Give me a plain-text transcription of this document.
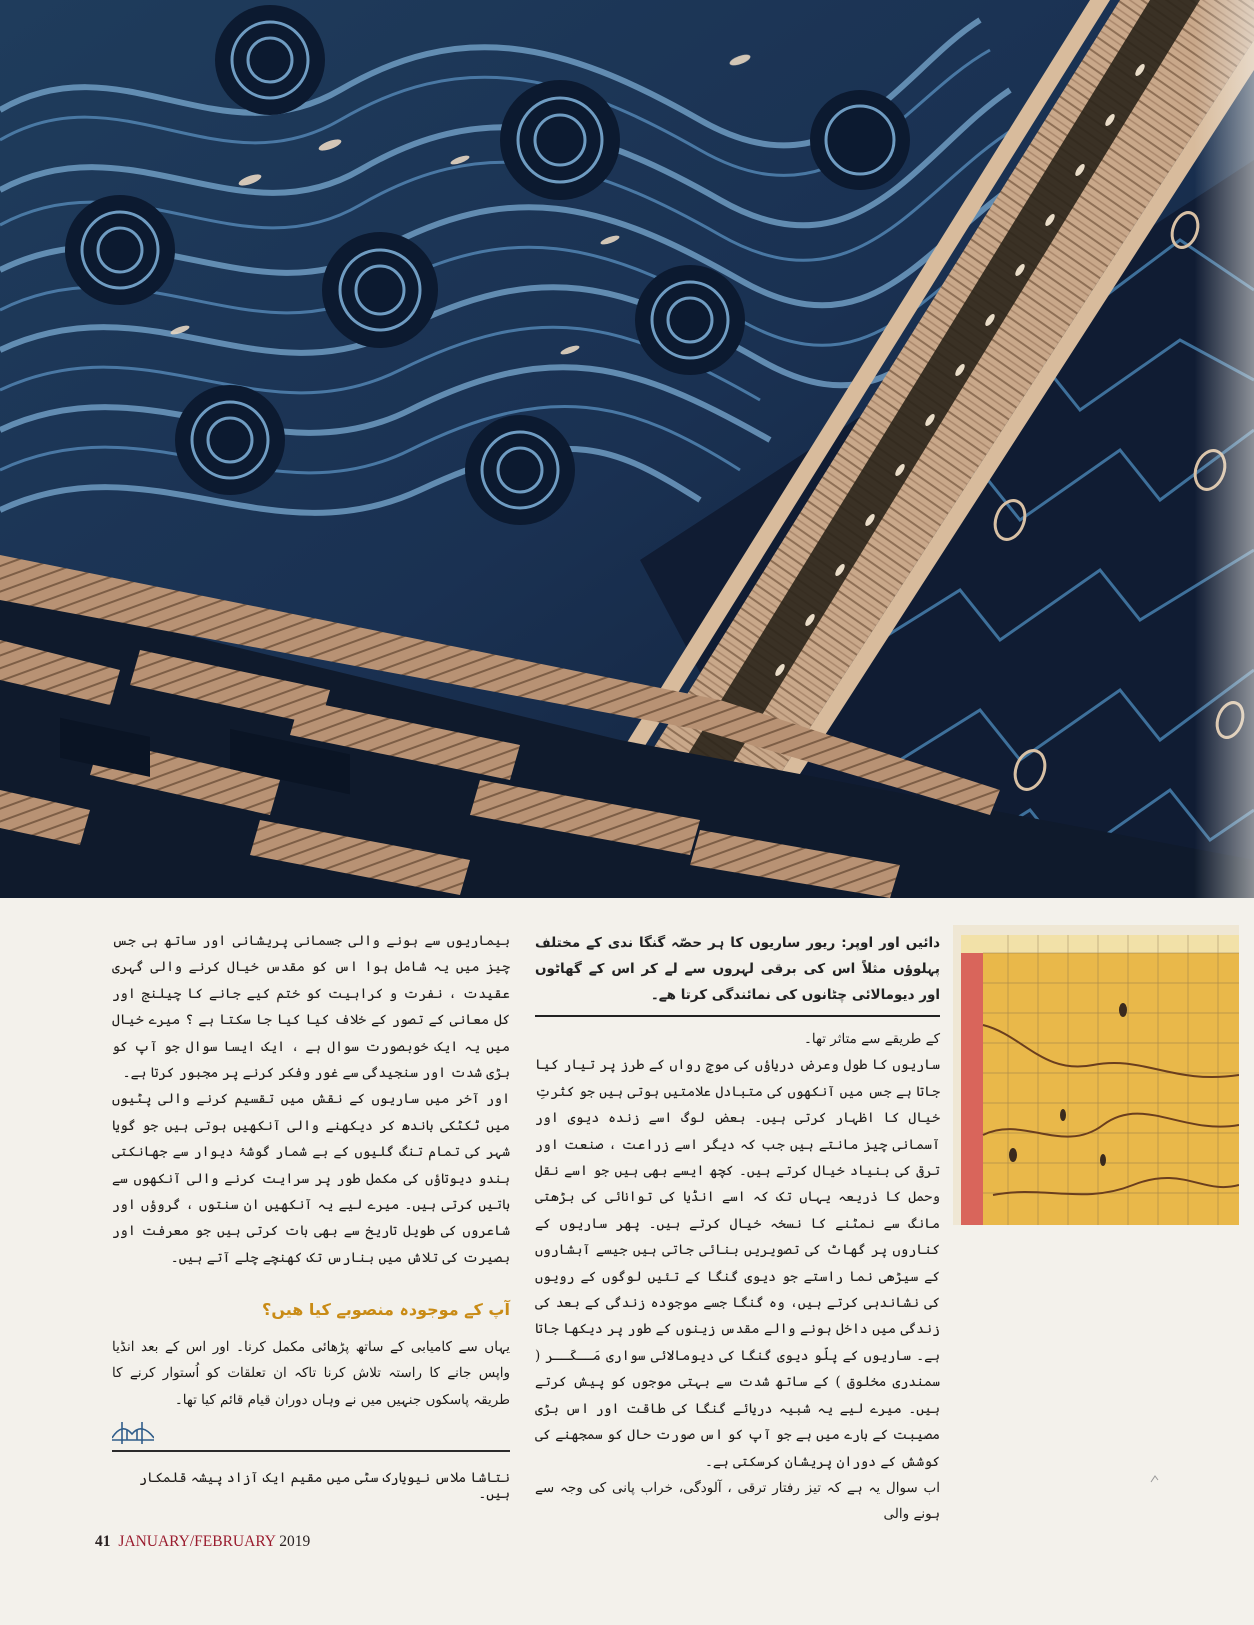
دائیں اور اوپر: ریور ساریوں کا ہر حصّہ گنگا ندی کے مختلف پہلوؤں مثلاً اس کی برقی لہروں سے لے کر اس کے گھاٹوں اور دیومالائی چٹانوں کی نمائندگی کرتا ھے۔

کے طریقے سے متاثر تھا۔

ساریوں کا طول وعرض دریاؤں کی موجِ رواں کے طرز پر تیار کیا جاتا ہے جس میں آنکھوں کی متبادل علامتیں ہوتی ہیں جو کثرتِ خیال کا اظہار کرتی ہیں۔ بعض لوگ اسے زندہ دیوی اور آسمانی چیز مانتے ہیں جب کہ دیگر اسے زراعت ، صنعت اور ترقی کی بنیاد خیال کرتے ہیں۔ کچھ ایسے بھی ہیں جو اسے نقل وحمل کا ذریعہ یہاں تک کہ اسے انڈیا کی توانائی کی بڑھتی مانگ سے نمٹنے کا نسخہ خیال کرتے ہیں۔ پھر ساریوں کے کناروں پر گھاٹ کی تصویریں بنائی جاتی ہیں جیسے آبشاروں کے سیڑھی نما راستے جو دیوی گنگا کے تئیں لوگوں کے رویوں کی نشاندہی کرتے ہیں، وہ گنگا جسے موجودہ زندگی کے بعد کی زندگی میں داخل ہونے والے مقدس زینوں کے طور پر دیکھا جاتا ہے۔ ساریوں کے پلّو دیوی گنگا کی دیومالائی سواری مَــکَــر ( سمندری مخلوق ) کے ساتھ شدت سے بہتی موجوں کو پیش کرتے ہیں۔ میرے لیے یہ شبیہ دریائے گنگا کی طاقت اور اس بڑی مصیبت کے بارے میں ہے جو آپ کو اس صورت حال کو سمجھنے کی کوشش کے دوران پریشان کرسکتی ہے۔

اب سوال یہ ہے کہ تیز رفتار ترقی ، آلودگی، خراب پانی کی وجہ سے ہونے والی

بیماریوں سے ہونے والی جسمانی پریشانی اور ساتھ ہی جس چیز میں یہ شامل ہوا اس کو مقدس خیال کرنے والی گہری عقیدت ، نفرت و کراہیت کو ختم کیے جانے کا چیلنج اور کل معانی کے تصور کے خلاف کیا کیا جا سکتا ہے ؟ میرے خیال میں یہ ایک خوبصورت سوال ہے ، ایک ایسا سوال جو آپ کو بڑی شدت اور سنجیدگی سے غور وفکر کرنے پر مجبور کرتا ہے۔

اور آخر میں ساریوں کے نقش میں تقسیم کرنے والی پٹیوں میں ٹکٹکی باندھ کر دیکھنے والی آنکھیں ہوتی ہیں جو گویا شہر کی تمام تنگ گلیوں کے بے شمار گوشۂ دیوار سے جھانکتی ہندو دیوتاؤں کی مکمل طور پر سرایت کرنے والی آنکھوں سے باتیں کرتی ہیں۔ میرے لیے یہ آنکھیں ان سنتوں ، گروؤں اور شاعروں کی طویل تاریخ سے بھی بات کرتی ہیں جو معرفت اور بصیرت کی تلاش میں بنارس تک کھنچے چلے آتے ہیں۔

آپ کے موجودہ منصوبے کیا ھیں؟
یہاں سے کامیابی کے ساتھ پڑھائی مکمل کرنا۔ اور اس کے بعد انڈیا واپس جانے کا راستہ تلاش کرنا تاکہ ان تعلقات کو اُستوار کرنے کا طریقہ پاسکوں جنہیں میں نے وہاں دوران قیام قائم کیا تھا۔
نتاشا ملاس نیویارک سٹی میں مقیم ایک آزاد پیشہ قلمکار ہیں۔
41 JANUARY/FEBRUARY 2019
